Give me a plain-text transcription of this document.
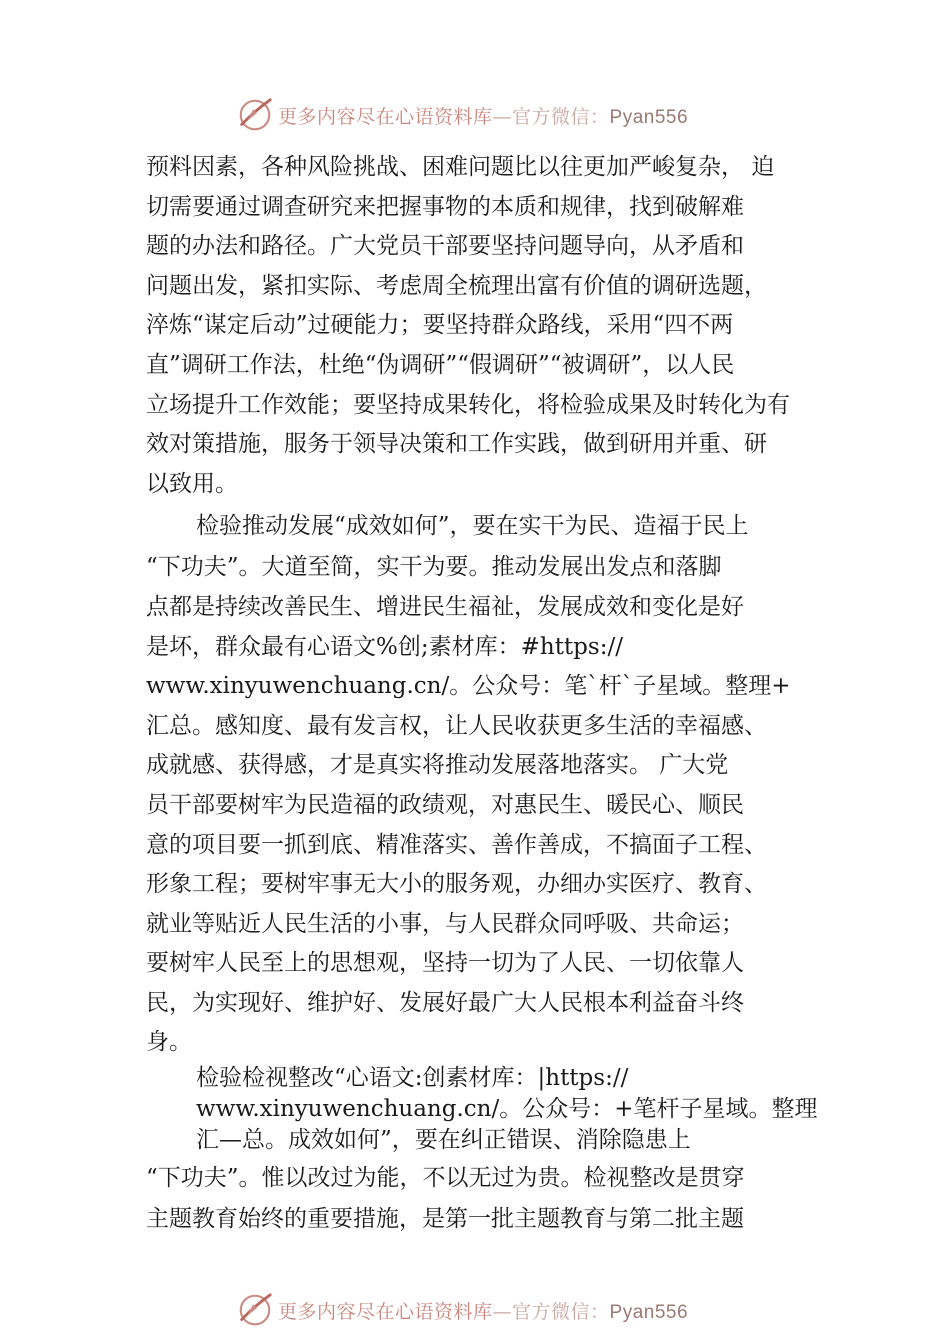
更多内容尽在心语资料库—官方微信：Pyan556
预料因素，各种风险挑战、困难问题比以往更加严峻复杂， 迫
切需要通过调查研究来把握事物的本质和规律，找到破解难
题的办法和路径。广大党员干部要坚持问题导向，从矛盾和
问题出发，紧扣实际、考虑周全梳理出富有价值的调研选题，
淬炼“谋定后动”过硬能力；要坚持群众路线，采用“四不两
直”调研工作法，杜绝“伪调研”“假调研”“被调研”，以人民
立场提升工作效能；要坚持成果转化，将检验成果及时转化为有
效对策措施，服务于领导决策和工作实践，做到研用并重、研
以致用。
检验推动发展“成效如何”，要在实干为民、造福于民上
“下功夫”。大道至简，实干为要。推动发展出发点和落脚
点都是持续改善民生、增进民生福祉，发展成效和变化是好
是坏，群众最有心语文%创;素材库：#https://
www.xinyuwenchuang.cn/。公众号：笔`杆`子星域。整理+
汇总。感知度、最有发言权，让人民收获更多生活的幸福感、
成就感、获得感，才是真实将推动发展落地落实。 广大党
员干部要树牢为民造福的政绩观，对惠民生、暖民心、顺民
意的项目要一抓到底、精准落实、善作善成，不搞面子工程、
形象工程；要树牢事无大小的服务观，办细办实医疗、教育、
就业等贴近人民生活的小事，与人民群众同呼吸、共命运；
要树牢人民至上的思想观，坚持一切为了人民、一切依靠人
民，为实现好、维护好、发展好最广大人民根本利益奋斗终
身。
检验检视整改“心语文:创素材库：|https://
www.xinyuwenchuang.cn/。公众号：+笔杆子星域。整理
汇—总。成效如何”，要在纠正错误、消除隐患上
“下功夫”。惟以改过为能，不以无过为贵。检视整改是贯穿
主题教育始终的重要措施，是第一批主题教育与第二批主题
更多内容尽在心语资料库—官方微信：Pyan556
